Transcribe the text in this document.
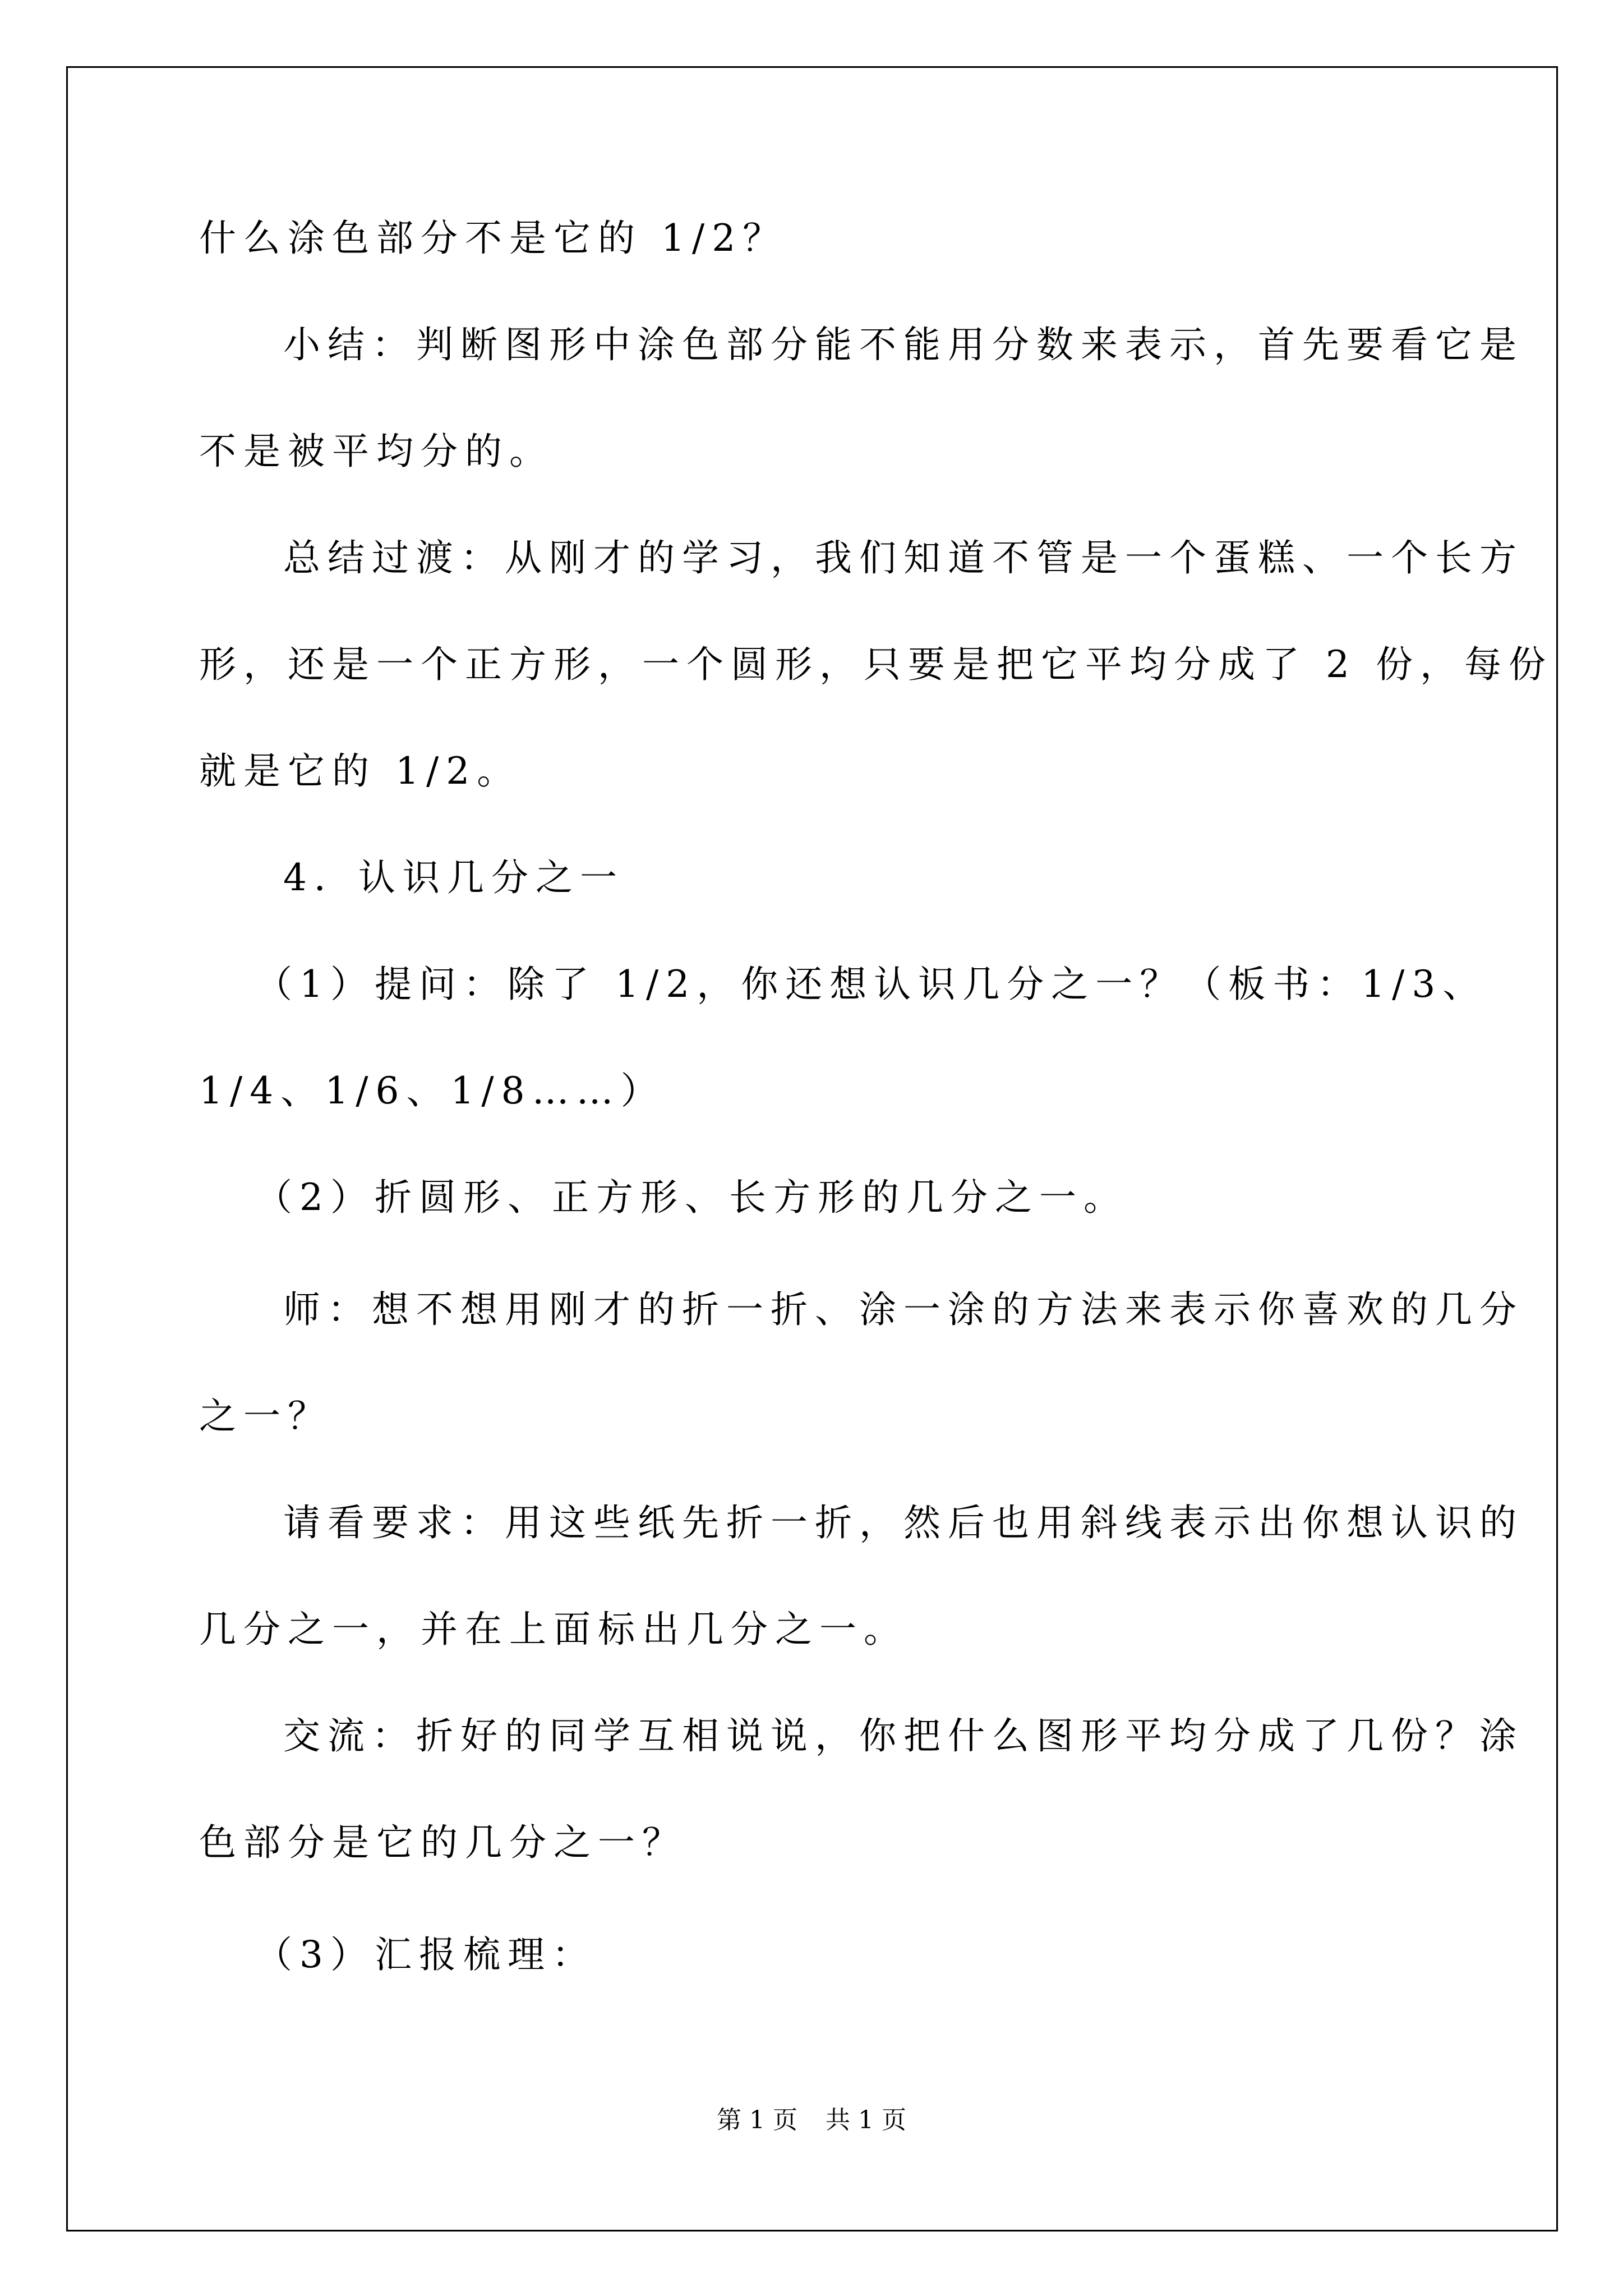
什么涂色部分不是它的 1/2？
小结：判断图形中涂色部分能不能用分数来表示，首先要看它是
不是被平均分的。
总结过渡：从刚才的学习，我们知道不管是一个蛋糕、一个长方
形，还是一个正方形，一个圆形，只要是把它平均分成了 2 份，每份
就是它的 1/2。
4．认识几分之一
（1）提问：除了 1/2，你还想认识几分之一？（板书：1/3、
1/4、1/6、1/8……）
（2）折圆形、正方形、长方形的几分之一。
师：想不想用刚才的折一折、涂一涂的方法来表示你喜欢的几分
之一？
请看要求：用这些纸先折一折，然后也用斜线表示出你想认识的
几分之一，并在上面标出几分之一。
交流：折好的同学互相说说，你把什么图形平均分成了几份？涂
色部分是它的几分之一？
（3）汇报梳理：
第 1 页 共 1 页
